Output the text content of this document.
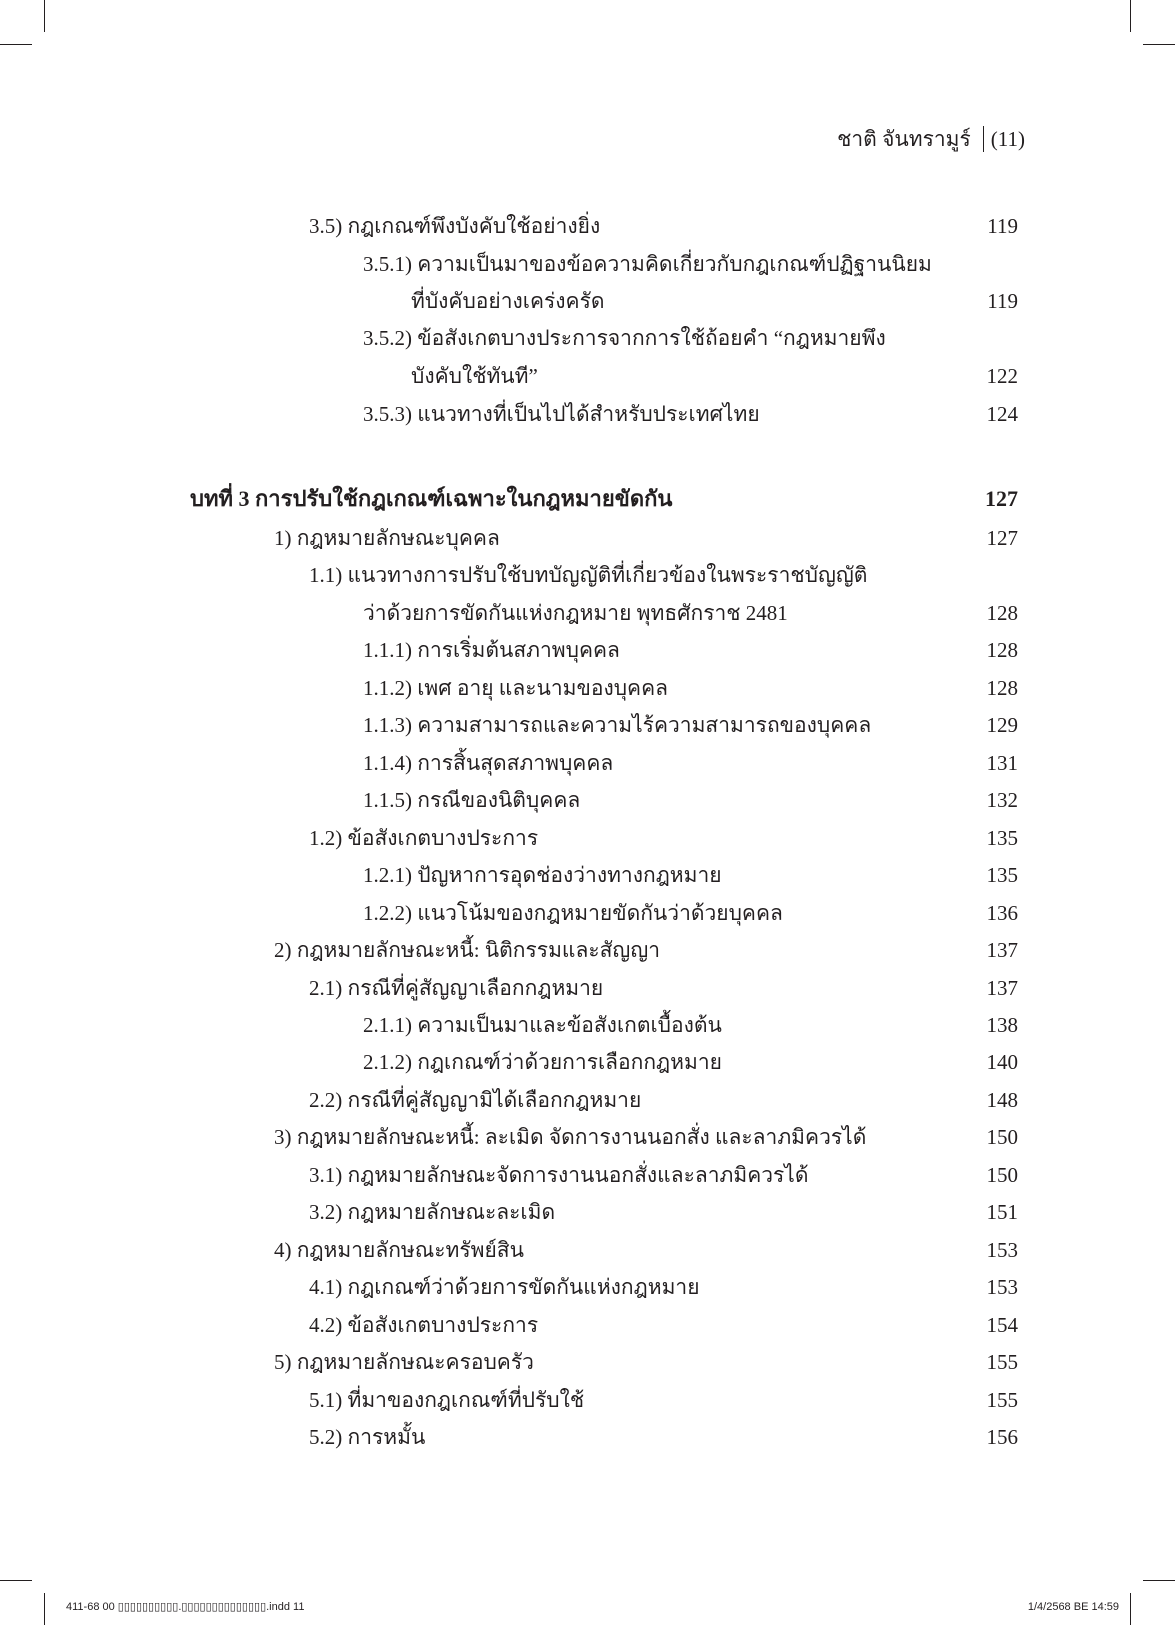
ชาติ จันทรามูร์ (11)
3.5) กฎเกณฑ์พึงบังคับใช้อย่างยิ่ง	119
3.5.1) ความเป็นมาของข้อความคิดเกี่ยวกับกฎเกณฑ์ปฏิฐานนิยม
ที่บังคับอย่างเคร่งครัด	119
3.5.2) ข้อสังเกตบางประการจากการใช้ถ้อยคำ “กฎหมายพึง
บังคับใช้ทันที”	122
3.5.3) แนวทางที่เป็นไปได้สำหรับประเทศไทย	124
บทที่ 3 การปรับใช้กฎเกณฑ์เฉพาะในกฎหมายขัดกัน	127
1) กฎหมายลักษณะบุคคล	127
1.1) แนวทางการปรับใช้บทบัญญัติที่เกี่ยวข้องในพระราชบัญญัติ
ว่าด้วยการขัดกันแห่งกฎหมาย พุทธศักราช 2481	128
1.1.1) การเริ่มต้นสภาพบุคคล	128
1.1.2) เพศ อายุ และนามของบุคคล	128
1.1.3) ความสามารถและความไร้ความสามารถของบุคคล	129
1.1.4) การสิ้นสุดสภาพบุคคล	131
1.1.5) กรณีของนิติบุคคล	132
1.2) ข้อสังเกตบางประการ	135
1.2.1) ปัญหาการอุดช่องว่างทางกฎหมาย	135
1.2.2) แนวโน้มของกฎหมายขัดกันว่าด้วยบุคคล	136
2) กฎหมายลักษณะหนี้: นิติกรรมและสัญญา	137
2.1) กรณีที่คู่สัญญาเลือกกฎหมาย	137
2.1.1) ความเป็นมาและข้อสังเกตเบื้องต้น	138
2.1.2) กฎเกณฑ์ว่าด้วยการเลือกกฎหมาย	140
2.2) กรณีที่คู่สัญญามิได้เลือกกฎหมาย	148
3) กฎหมายลักษณะหนี้: ละเมิด จัดการงานนอกสั่ง และลาภมิควรได้	150
3.1) กฎหมายลักษณะจัดการงานนอกสั่งและลาภมิควรได้	150
3.2) กฎหมายลักษณะละเมิด	151
4) กฎหมายลักษณะทรัพย์สิน	153
4.1) กฎเกณฑ์ว่าด้วยการขัดกันแห่งกฎหมาย	153
4.2) ข้อสังเกตบางประการ	154
5) กฎหมายลักษณะครอบครัว	155
5.1) ที่มาของกฎเกณฑ์ที่ปรับใช้	155
5.2) การหมั้น	156
411-68 00 ▯▯▯▯▯▯▯▯▯▯.▯▯▯▯▯▯▯▯▯▯▯▯▯▯.indd 11	1/4/2568 BE 14:59
